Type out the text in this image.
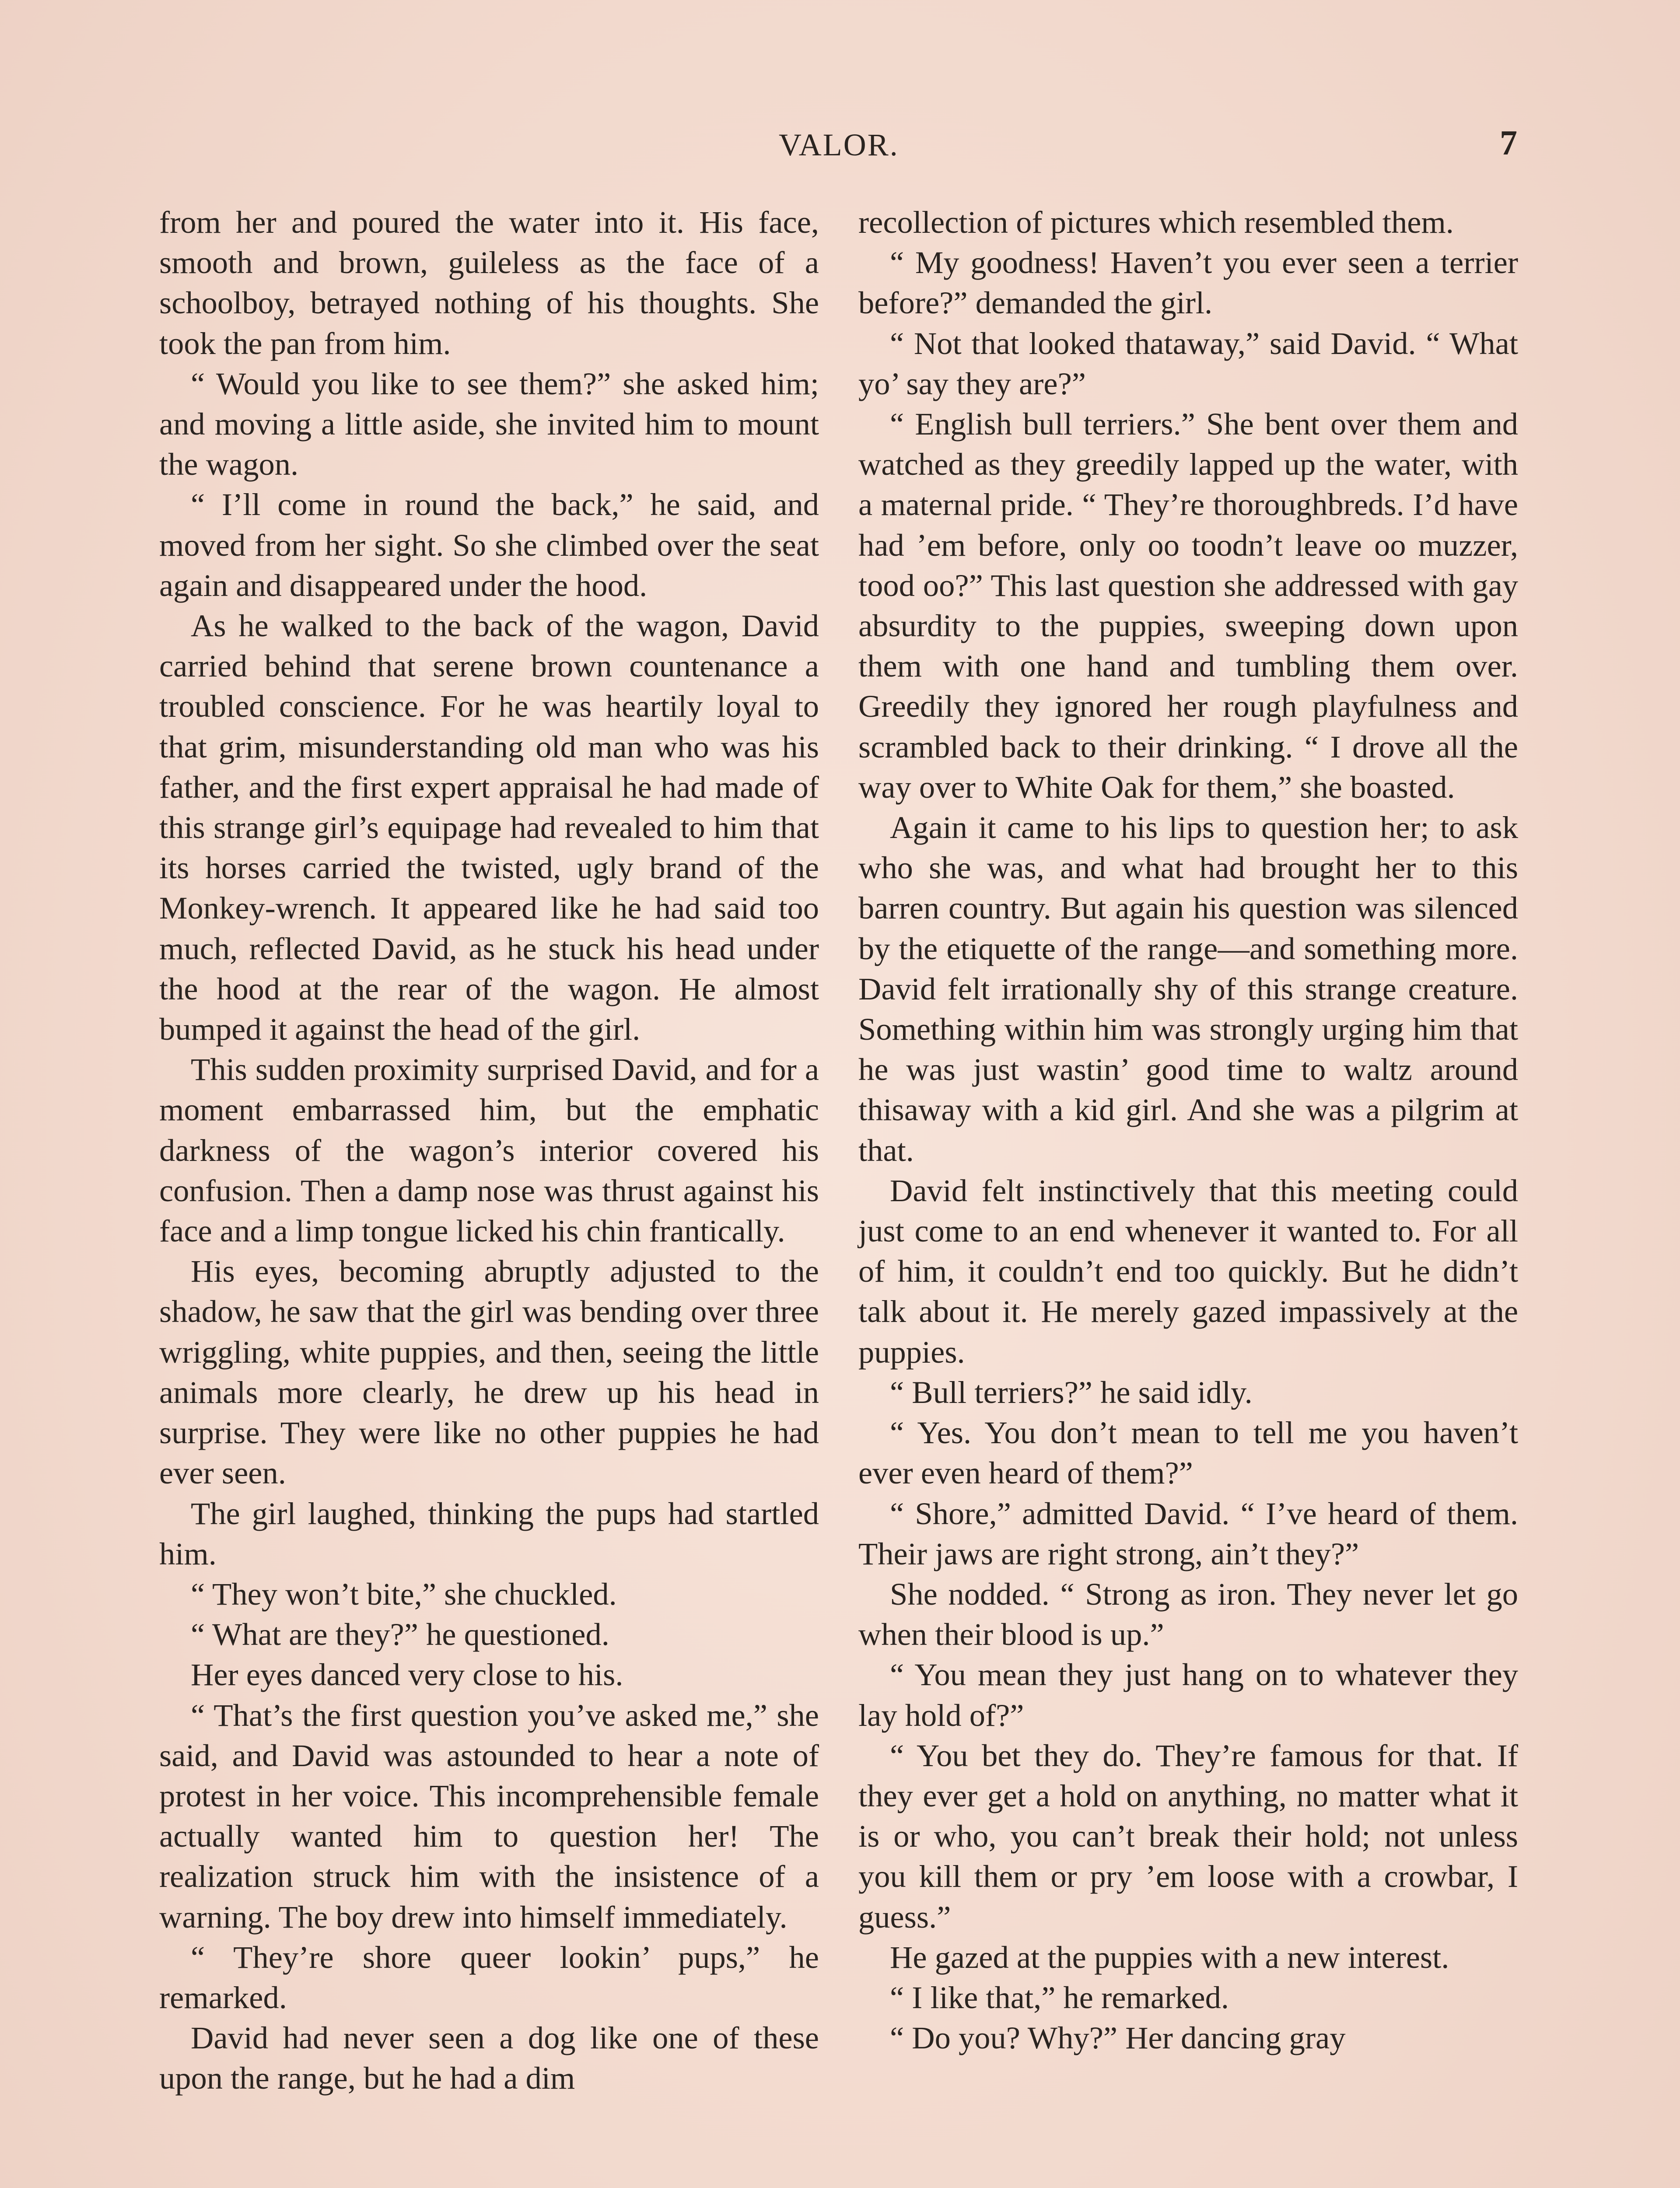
VALOR.	7

from her and poured the water into it. His face, smooth and brown, guileless as the face of a schoolboy, betrayed nothing of his thoughts. She took the pan from him.

“ Would you like to see them?” she asked him; and moving a little aside, she invited him to mount the wagon.

“ I’ll come in round the back,” he said, and moved from her sight. So she climbed over the seat again and disappeared under the hood.

As he walked to the back of the wagon, David carried behind that serene brown countenance a troubled conscience. For he was heartily loyal to that grim, misunderstanding old man who was his father, and the first expert appraisal he had made of this strange girl’s equipage had revealed to him that its horses carried the twisted, ugly brand of the Monkey-wrench. It appeared like he had said too much, reflected David, as he stuck his head under the hood at the rear of the wagon. He almost bumped it against the head of the girl.

This sudden proximity surprised David, and for a moment embarrassed him, but the emphatic darkness of the wagon’s interior covered his confusion. Then a damp nose was thrust against his face and a limp tongue licked his chin frantically.

His eyes, becoming abruptly adjusted to the shadow, he saw that the girl was bending over three wriggling, white puppies, and then, seeing the little animals more clearly, he drew up his head in surprise. They were like no other puppies he had ever seen.

The girl laughed, thinking the pups had startled him.

“ They won’t bite,” she chuckled.

“ What are they?” he questioned.

Her eyes danced very close to his.

“ That’s the first question you’ve asked me,” she said, and David was astounded to hear a note of protest in her voice. This incomprehensible female actually wanted him to question her! The realization struck him with the insistence of a warning. The boy drew into himself immediately.

“ They’re shore queer lookin’ pups,” he remarked.

David had never seen a dog like one of these upon the range, but he had a dim

recollection of pictures which resembled them.

“ My goodness! Haven’t you ever seen a terrier before?” demanded the girl.

“ Not that looked thataway,” said David. “ What yo’ say they are?”

“ English bull terriers.” She bent over them and watched as they greedily lapped up the water, with a maternal pride. “ They’re thoroughbreds. I’d have had ’em before, only oo toodn’t leave oo muzzer, tood oo?” This last question she addressed with gay absurdity to the puppies, sweeping down upon them with one hand and tumbling them over. Greedily they ignored her rough playfulness and scrambled back to their drinking. “ I drove all the way over to White Oak for them,” she boasted.

Again it came to his lips to question her; to ask who she was, and what had brought her to this barren country. But again his question was silenced by the etiquette of the range—and something more. David felt irrationally shy of this strange creature. Something within him was strongly urging him that he was just wastin’ good time to waltz around thisaway with a kid girl. And she was a pilgrim at that.

David felt instinctively that this meeting could just come to an end whenever it wanted to. For all of him, it couldn’t end too quickly. But he didn’t talk about it. He merely gazed impassively at the puppies.

“ Bull terriers?” he said idly.

“ Yes. You don’t mean to tell me you haven’t ever even heard of them?”

“ Shore,” admitted David. “ I’ve heard of them. Their jaws are right strong, ain’t they?”

She nodded. “ Strong as iron. They never let go when their blood is up.”

“ You mean they just hang on to whatever they lay hold of?”

“ You bet they do. They’re famous for that. If they ever get a hold on anything, no matter what it is or who, you can’t break their hold; not unless you kill them or pry ’em loose with a crowbar, I guess.”

He gazed at the puppies with a new interest.

“ I like that,” he remarked.

“ Do you? Why?” Her dancing gray
